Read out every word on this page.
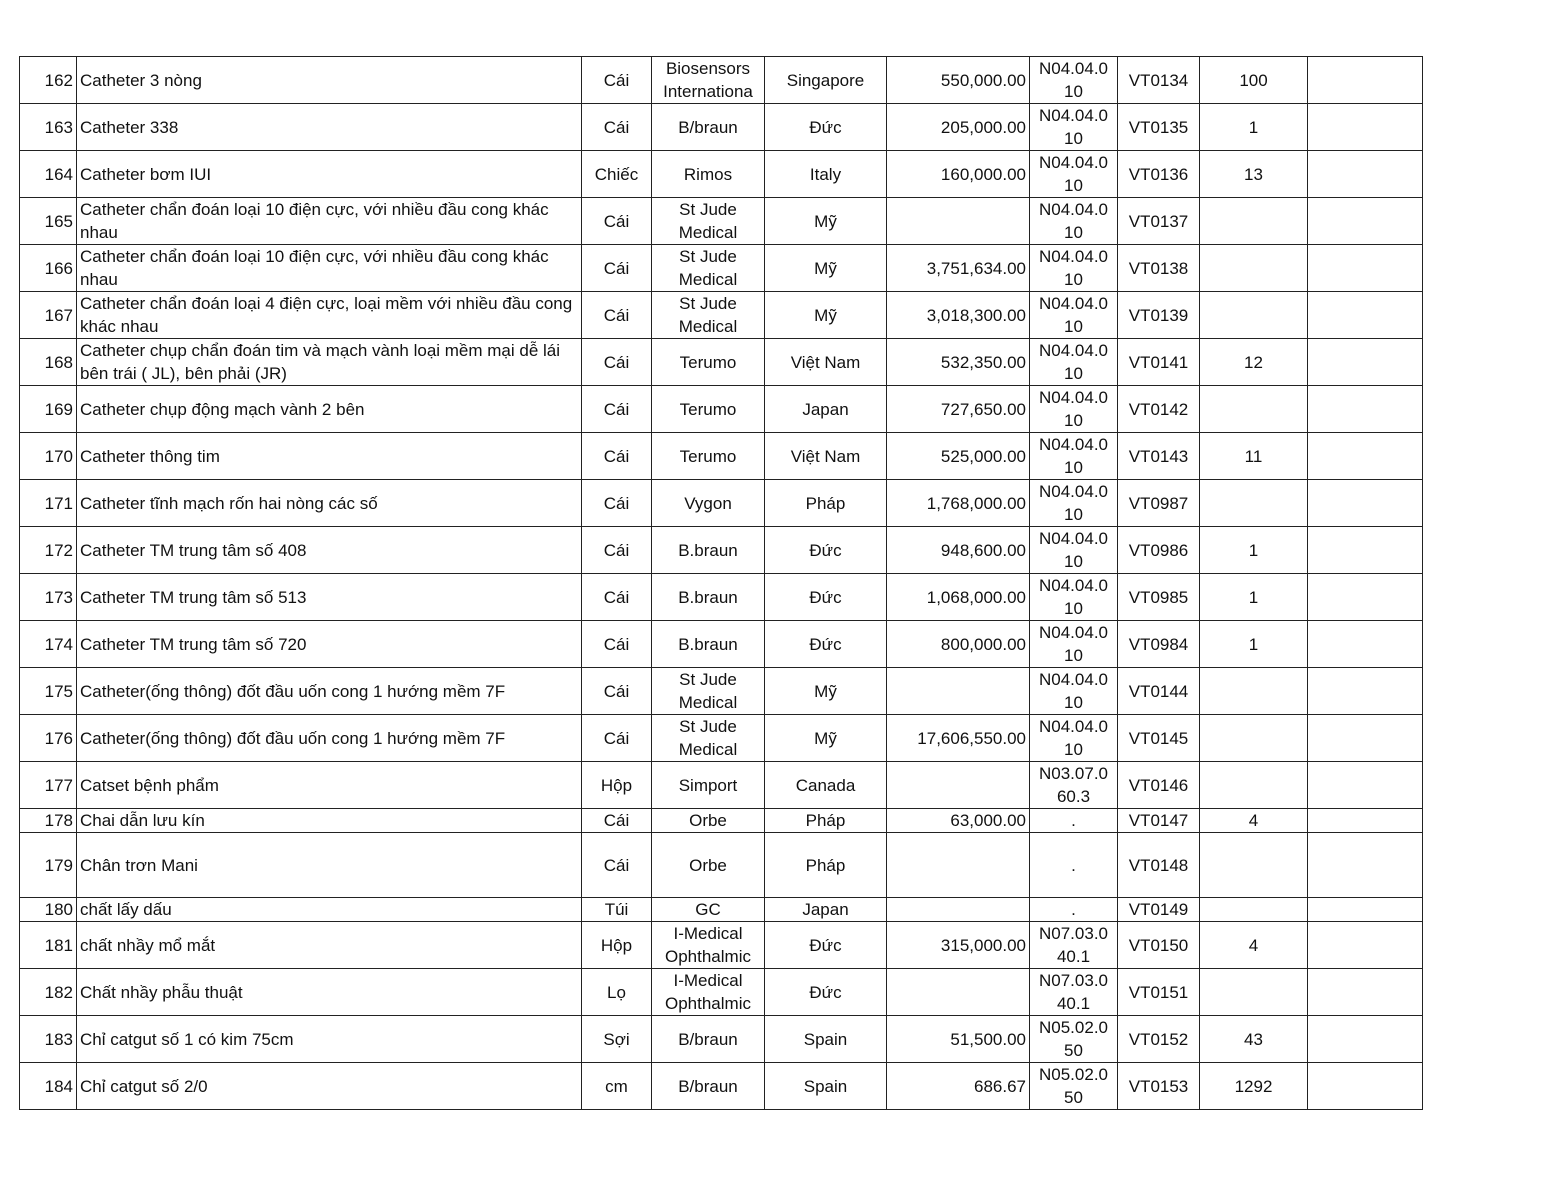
162	Catheter 3 nòng	Cái	Biosensors Internationa	Singapore	550,000.00	N04.04.0 10	VT0134	100	
163	Catheter 338	Cái	B/braun	Đức	205,000.00	N04.04.0 10	VT0135	1	
164	Catheter bơm IUI	Chiếc	Rimos	Italy	160,000.00	N04.04.0 10	VT0136	13	
165	Catheter chẩn đoán loại 10 điện cực, với nhiều đầu cong khác nhau	Cái	St Jude Medical	Mỹ		N04.04.0 10	VT0137		
166	Catheter chẩn đoán loại 10 điện cực, với nhiều đầu cong khác nhau	Cái	St Jude Medical	Mỹ	3,751,634.00	N04.04.0 10	VT0138		
167	Catheter chẩn đoán loại 4 điện cực, loại mềm với nhiều đầu cong khác nhau	Cái	St Jude Medical	Mỹ	3,018,300.00	N04.04.0 10	VT0139		
168	Catheter chụp chẩn đoán tim và mạch vành loại mềm mại dễ lái bên trái ( JL), bên phải (JR)	Cái	Terumo	Việt Nam	532,350.00	N04.04.0 10	VT0141	12	
169	Catheter chụp động mạch vành 2 bên	Cái	Terumo	Japan	727,650.00	N04.04.0 10	VT0142		
170	Catheter thông tim	Cái	Terumo	Việt Nam	525,000.00	N04.04.0 10	VT0143	11	
171	Catheter tĩnh mạch rốn hai nòng các số	Cái	Vygon	Pháp	1,768,000.00	N04.04.0 10	VT0987		
172	Catheter TM trung tâm số 408	Cái	B.braun	Đức	948,600.00	N04.04.0 10	VT0986	1	
173	Catheter TM trung tâm số 513	Cái	B.braun	Đức	1,068,000.00	N04.04.0 10	VT0985	1	
174	Catheter TM trung tâm số 720	Cái	B.braun	Đức	800,000.00	N04.04.0 10	VT0984	1	
175	Catheter(ống thông) đốt đầu uốn cong 1 hướng mềm 7F	Cái	St Jude Medical	Mỹ		N04.04.0 10	VT0144		
176	Catheter(ống thông) đốt đầu uốn cong 1 hướng mềm 7F	Cái	St Jude Medical	Mỹ	17,606,550.00	N04.04.0 10	VT0145		
177	Catset bệnh phẩm	Hộp	Simport	Canada		N03.07.0 60.3	VT0146		
178	Chai dẫn lưu kín	Cái	Orbe	Pháp	63,000.00	.	VT0147	4	
179	Chân trơn Mani	Cái	Orbe	Pháp		.	VT0148		
180	chất lấy dấu	Túi	GC	Japan		.	VT0149		
181	chất nhầy mổ mắt	Hộp	I-Medical Ophthalmic	Đức	315,000.00	N07.03.0 40.1	VT0150	4	
182	Chất nhầy phẫu thuật	Lọ	I-Medical Ophthalmic	Đức		N07.03.0 40.1	VT0151		
183	Chỉ catgut số 1 có kim 75cm	Sợi	B/braun	Spain	51,500.00	N05.02.0 50	VT0152	43	
184	Chỉ catgut số 2/0	cm	B/braun	Spain	686.67	N05.02.0 50	VT0153	1292	
